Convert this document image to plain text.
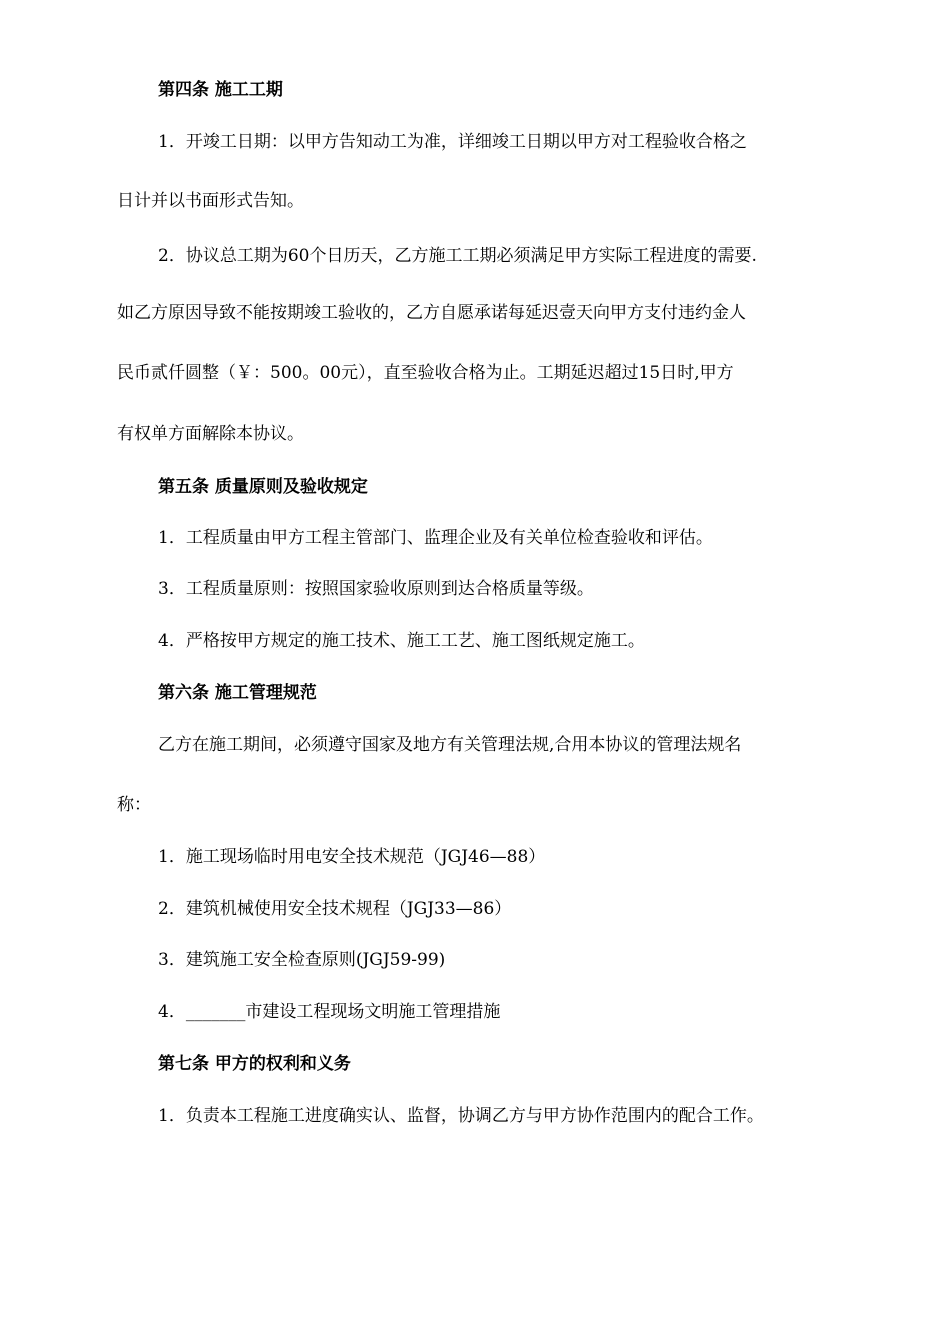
第四条 施工工期
1．开竣工日期：以甲方告知动工为准，详细竣工日期以甲方对工程验收合格之
日计并以书面形式告知。
2．协议总工期为60个日历天，乙方施工工期必须满足甲方实际工程进度的需要.
如乙方原因导致不能按期竣工验收的，乙方自愿承诺每延迟壹天向甲方支付违约金人
民币贰仟圆整（￥：500。00元），直至验收合格为止。工期延迟超过15日时,甲方
有权单方面解除本协议。
第五条 质量原则及验收规定
1．工程质量由甲方工程主管部门、监理企业及有关单位检查验收和评估。
3．工程质量原则：按照国家验收原则到达合格质量等级。
4．严格按甲方规定的施工技术、施工工艺、施工图纸规定施工。
第六条 施工管理规范
乙方在施工期间，必须遵守国家及地方有关管理法规,合用本协议的管理法规名
称：
1．施工现场临时用电安全技术规范（JGJ46—88）
2．建筑机械使用安全技术规程（JGJ33—86）
3．建筑施工安全检查原则(JGJ59-99)
4．_______市建设工程现场文明施工管理措施
第七条 甲方的权利和义务
1．负责本工程施工进度确实认、监督，协调乙方与甲方协作范围内的配合工作。
